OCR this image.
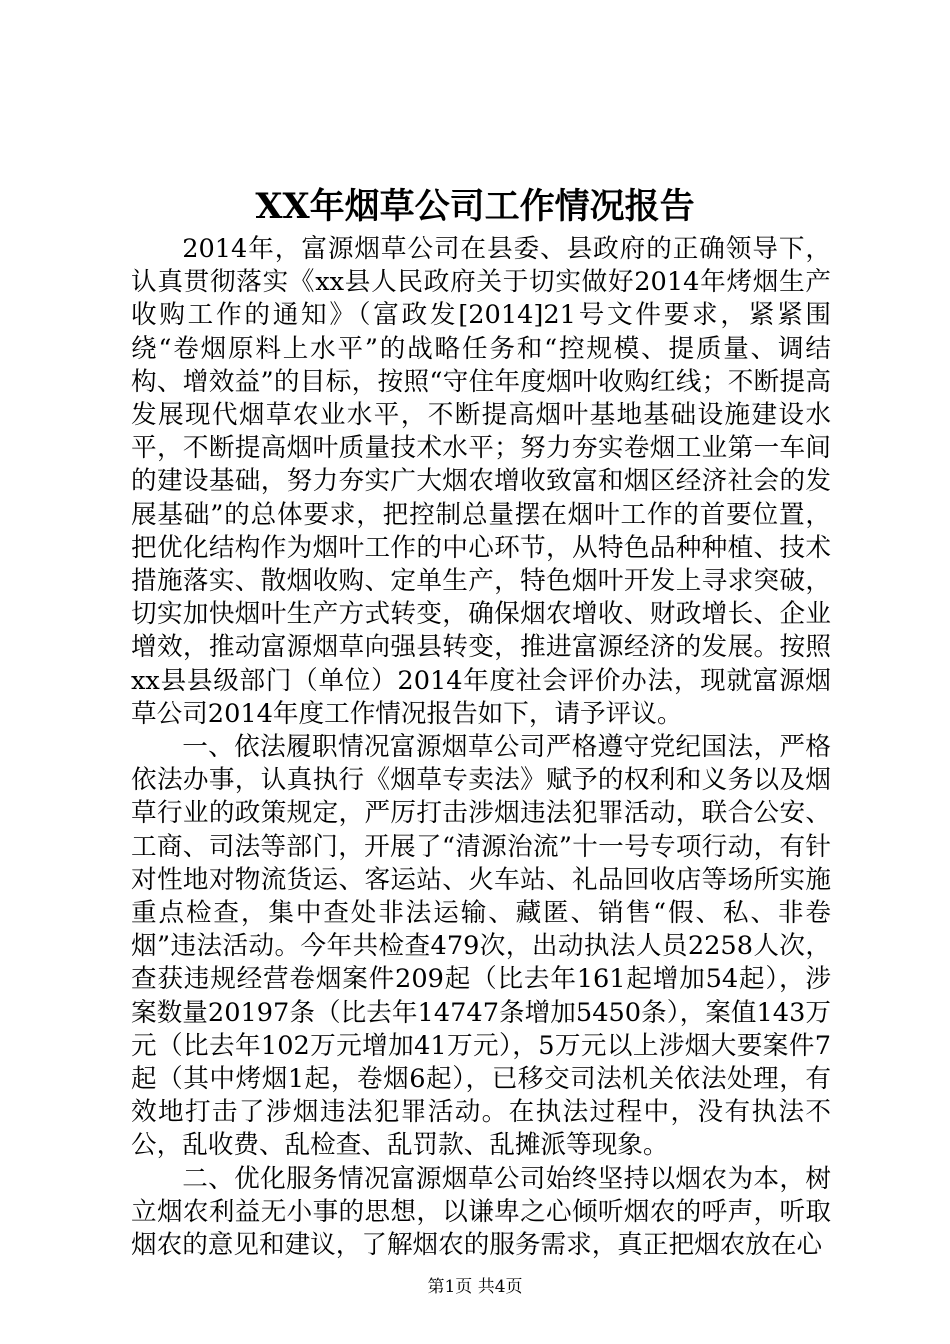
XX年烟草公司工作情况报告

2014年，富源烟草公司在县委、县政府的正确领导下，认真贯彻落实《xx县人民政府关于切实做好2014年烤烟生产收购工作的通知》（富政发[2014]21号文件要求，紧紧围绕“卷烟原料上水平”的战略任务和“控规模、提质量、调结构、增效益”的目标，按照“守住年度烟叶收购红线；不断提高发展现代烟草农业水平，不断提高烟叶基地基础设施建设水平，不断提高烟叶质量技术水平；努力夯实卷烟工业第一车间的建设基础，努力夯实广大烟农增收致富和烟区经济社会的发展基础”的总体要求，把控制总量摆在烟叶工作的首要位置，把优化结构作为烟叶工作的中心环节，从特色品种种植、技术措施落实、散烟收购、定单生产，特色烟叶开发上寻求突破，切实加快烟叶生产方式转变，确保烟农增收、财政增长、企业增效，推动富源烟草向强县转变，推进富源经济的发展。按照xx县县级部门（单位）2014年度社会评价办法，现就富源烟草公司2014年度工作情况报告如下，请予评议。

一、依法履职情况富源烟草公司严格遵守党纪国法，严格依法办事，认真执行《烟草专卖法》赋予的权利和义务以及烟草行业的政策规定，严厉打击涉烟违法犯罪活动，联合公安、工商、司法等部门，开展了“清源治流”十一号专项行动，有针对性地对物流货运、客运站、火车站、礼品回收店等场所实施重点检查，集中查处非法运输、藏匿、销售“假、私、非卷烟”违法活动。今年共检查479次，出动执法人员2258人次，查获违规经营卷烟案件209起（比去年161起增加54起），涉案数量20197条（比去年14747条增加5450条），案值143万元（比去年102万元增加41万元），5万元以上涉烟大要案件7起（其中烤烟1起，卷烟6起），已移交司法机关依法处理，有效地打击了涉烟违法犯罪活动。在执法过程中，没有执法不公，乱收费、乱检查、乱罚款、乱摊派等现象。

二、优化服务情况富源烟草公司始终坚持以烟农为本，树立烟农利益无小事的思想，以谦卑之心倾听烟农的呼声，听取烟农的意见和建议，了解烟农的服务需求，真正把烟农放在心

第1页 共4页
